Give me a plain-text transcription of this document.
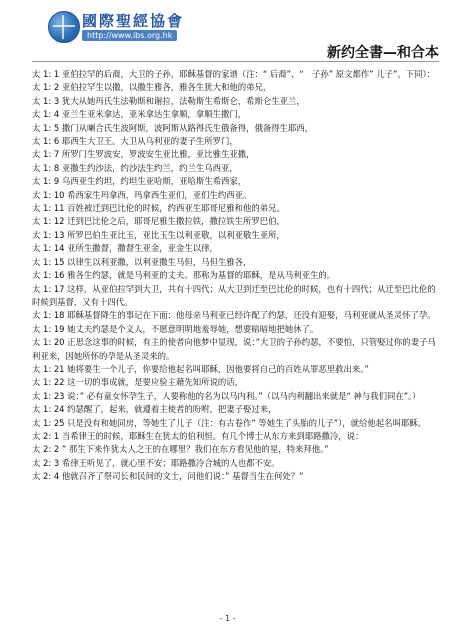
國際聖經協會
http://www.ibs.org.hk
新约全書—和合本

太 1: 1 亚伯拉罕的后裔，大卫的子孙，耶稣基督的家谱（注：“ 后裔”、“　子孙” 原文都作” 儿子”。下同）：

太 1: 2 亚伯拉罕生以撒，以撒生雅各，雅各生犹大和他的弟兄，

太 1: 3 犹大从她玛氏生法勒斯和谢拉，法勒斯生希斯仑，希斯仑生亚兰，

太 1: 4 亚兰生亚米拿达，亚米拿达生拿顺，拿顺生撒门，

太 1: 5 撒门从喇合氏生波阿斯，波阿斯从路得氏生俄备得，俄备得生耶西，

太 1: 6 耶西生大卫王。大卫从乌利亚的妻子生所罗门，

太 1: 7 所罗门生罗波安，罗波安生亚比雅，亚比雅生亚撒，

太 1: 8 亚撒生约沙法，约沙法生约兰，约兰生乌西亚，

太 1: 9 乌西亚生约坦，约坦生亚哈斯，亚哈斯生希西家，

太 1: 10 希西家生玛拿西，玛拿西生亚们，亚们生约西亚。

太 1: 11 百姓被迁到巴比伦的时候，约西亚生耶哥尼雅和他的弟兄。

太 1: 12 迁到巴比伦之后，耶哥尼雅生撒拉铁，撒拉铁生所罗巴伯，

太 1: 13 所罗巴伯生亚比玉，亚比玉生以利亚敬，以利亚敬生亚所，

太 1: 14 亚所生撒督，撒督生亚金，亚金生以律，

太 1: 15 以律生以利亚撒，以利亚撒生马但，马但生雅各，

太 1: 16 雅各生约瑟，就是马利亚的丈夫。那称为基督的耶稣，是从马利亚生的。

太 1: 17 这样，从亚伯拉罕到大卫，共有十四代；从大卫到迁至巴比伦的时候，也有十四代；从迁至巴比伦的时候到基督，又有十四代。

太 1: 18 耶稣基督降生的事记在下面：他母亲马利亚已经许配了约瑟，还没有迎娶，马利亚就从圣灵怀了孕。

太 1: 19 她丈夫约瑟是个义人，不愿意明明地羞辱她，想要暗暗地把她休了。

太 1: 20 正思念这事的时候，有主的使者向他梦中显现，说：”大卫的子孙约瑟，不要怕，只管娶过你的妻子马利亚来，因她所怀的孕是从圣灵来的。

太 1: 21 她将要生一个儿子，你要给他起名叫耶稣，因他要将自己的百姓从罪恶里救出来。”

太 1: 22 这一切的事成就，是要应验主藉先知所说的话，

太 1: 23 说：” 必有童女怀孕生子，人要称他的名为以马内利。”（以马内利翻出来就是“ 神与我们同在”。）

太 1: 24 约瑟醒了，起来，就遵着主使者的吩咐，把妻子娶过来，

太 1: 25 只是没有和她同房，等她生了儿子（注：有古卷作” 等她生了头胎的儿子”），就给他起名叫耶稣。

太 2: 1 当希律王的时候，耶稣生在犹太的伯利恒。有几个博士从东方来到耶路撒冷，说：

太 2: 2 ” 那生下来作犹太人之王的在哪里？我们在东方看见他的星，特来拜他。”

太 2: 3 希律王听见了，就心里不安；耶路撒冷合城的人也都不安。

太 2: 4 他就召齐了祭司长和民间的文士，问他们说：” 基督当生在何处？”

- 1 -
